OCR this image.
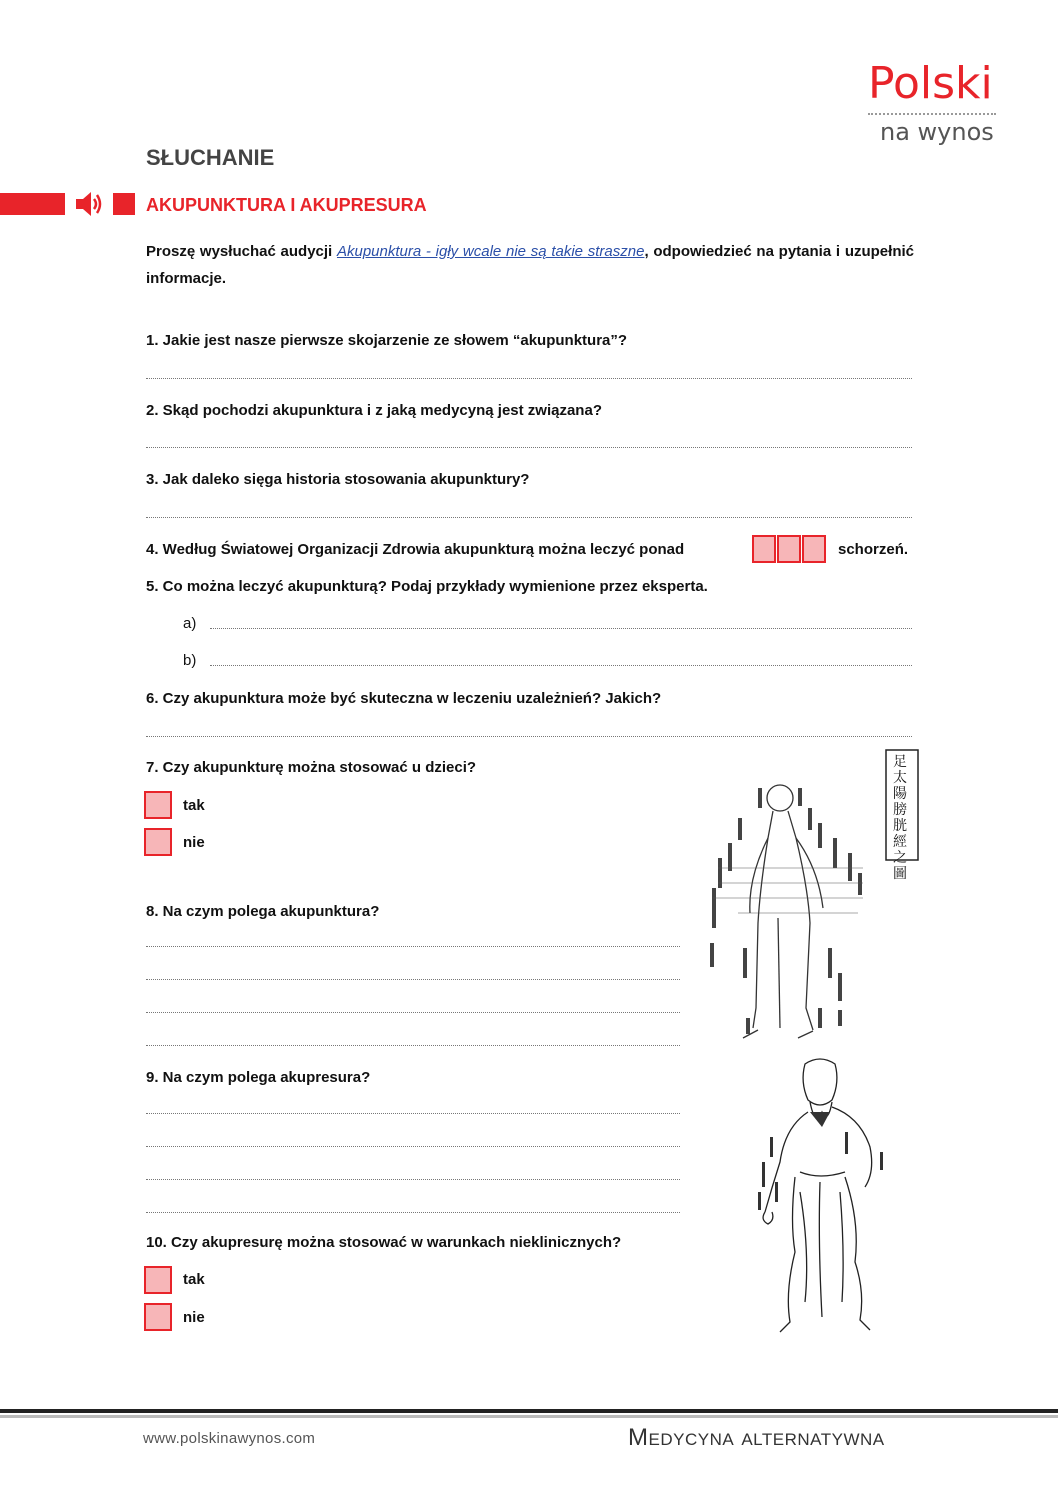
Polski
na wynos
SŁUCHANIE
AKUPUNKTURA I AKUPRESURA
Proszę wysłuchać audycji Akupunktura - igły wcale nie są takie straszne, odpowiedzieć na pytania i uzupełnić informacje.
1. Jakie jest nasze pierwsze skojarzenie ze słowem “akupunktura”?
2. Skąd pochodzi akupunktura i z jaką medycyną jest związana?
3. Jak daleko sięga historia stosowania akupunktury?
4. Według Światowej Organizacji Zdrowia akupunkturą można leczyć ponad	schorzeń.
5. Co można leczyć akupunkturą? Podaj przykłady wymienione przez eksperta.
a)
b)
6. Czy akupunktura może być skuteczna w leczeniu uzależnień? Jakich?
7. Czy akupunkturę można stosować u dzieci?
tak
nie
8. Na czym polega akupunktura?
9. Na czym polega akupresura?
10. Czy akupresurę można stosować w warunkach nieklinicznych?
tak
nie
足太陽膀胱經之圖
www.polskinawynos.com	Medycyna alternatywna
